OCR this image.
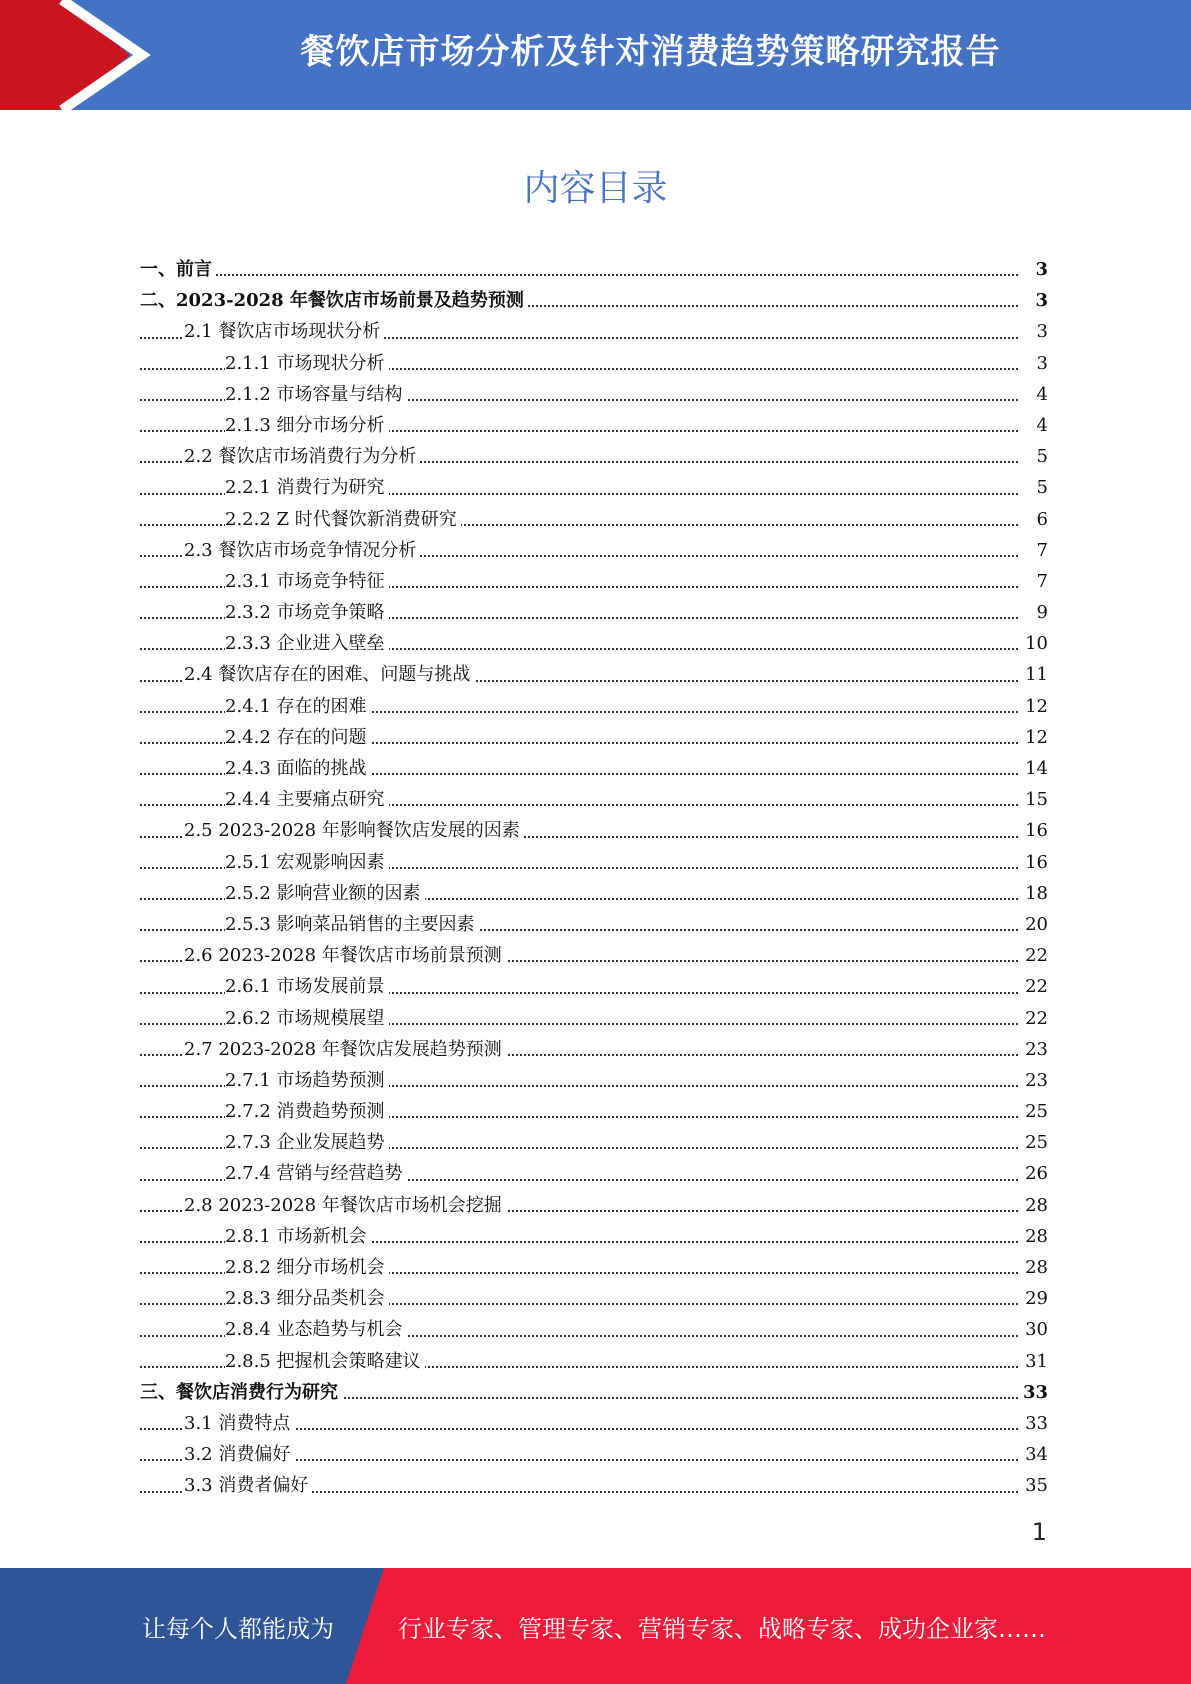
餐饮店市场分析及针对消费趋势策略研究报告
内容目录
一、前言	3
二、2023-2028 年餐饮店市场前景及趋势预测	3
2.1 餐饮店市场现状分析	3
2.1.1 市场现状分析	3
2.1.2 市场容量与结构	4
2.1.3 细分市场分析	4
2.2 餐饮店市场消费行为分析	5
2.2.1 消费行为研究	5
2.2.2 Z 时代餐饮新消费研究	6
2.3 餐饮店市场竞争情况分析	7
2.3.1 市场竞争特征	7
2.3.2 市场竞争策略	9
2.3.3 企业进入壁垒	10
2.4 餐饮店存在的困难、问题与挑战	11
2.4.1 存在的困难	12
2.4.2 存在的问题	12
2.4.3 面临的挑战	14
2.4.4 主要痛点研究	15
2.5 2023-2028 年影响餐饮店发展的因素	16
2.5.1 宏观影响因素	16
2.5.2 影响营业额的因素	18
2.5.3 影响菜品销售的主要因素	20
2.6 2023-2028 年餐饮店市场前景预测	22
2.6.1 市场发展前景	22
2.6.2 市场规模展望	22
2.7 2023-2028 年餐饮店发展趋势预测	23
2.7.1 市场趋势预测	23
2.7.2 消费趋势预测	25
2.7.3 企业发展趋势	25
2.7.4 营销与经营趋势	26
2.8 2023-2028 年餐饮店市场机会挖掘	28
2.8.1 市场新机会	28
2.8.2 细分市场机会	28
2.8.3 细分品类机会	29
2.8.4 业态趋势与机会	30
2.8.5 把握机会策略建议	31
三、餐饮店消费行为研究	33
3.1 消费特点	33
3.2 消费偏好	34
3.3 消费者偏好	35
1
让每个人都能成为	行业专家、管理专家、营销专家、战略专家、成功企业家……
